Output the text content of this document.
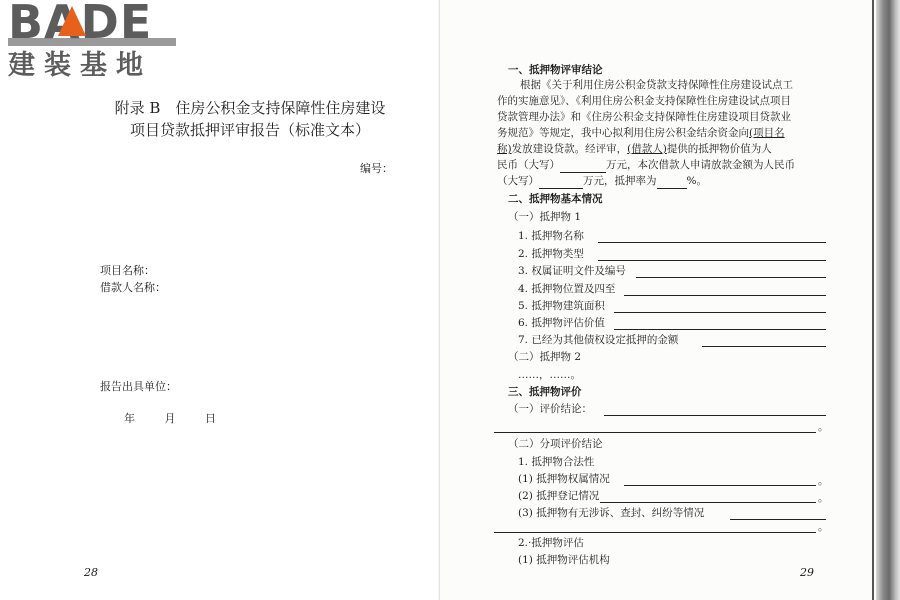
BADE
建装基地
附录 B　住房公积金支持保障性住房建设
项目贷款抵押评审报告（标准文本）
编号：
项目名称：
借款人名称：
报告出具单位：
年	月	日
28
一、抵押物评审结论
根据《关于利用住房公积金贷款支持保障性住房建设试点工
作的实施意见》、《利用住房公积金支持保障性住房建设试点项目
贷款管理办法》和《住房公积金支持保障性住房建设项目贷款业
务规范》等规定，我中心拟利用住房公积金结余资金向(项目名
称)发放建设贷款。经评审，(借款人)提供的抵押物价值为人
民币（大写）	万元，本次借款人申请放款金额为人民币
（大写）	万元，抵押率为	%。
二、抵押物基本情况
（一）抵押物 1
1. 抵押物名称
2. 抵押物类型
3. 权属证明文件及编号
4. 抵押物位置及四至
5. 抵押物建筑面积
6. 抵押物评估价值
7. 已经为其他债权设定抵押的金额
（二）抵押物 2
……，……。
三、抵押物评价
（一）评价结论：
。
（二）分项评价结论
1. 抵押物合法性
(1) 抵押物权属情况	。
(2) 抵押登记情况	。
(3) 抵押物有无涉诉、查封、纠纷等情况
。
2.·抵押物评估
(1) 抵押物评估机构
29
